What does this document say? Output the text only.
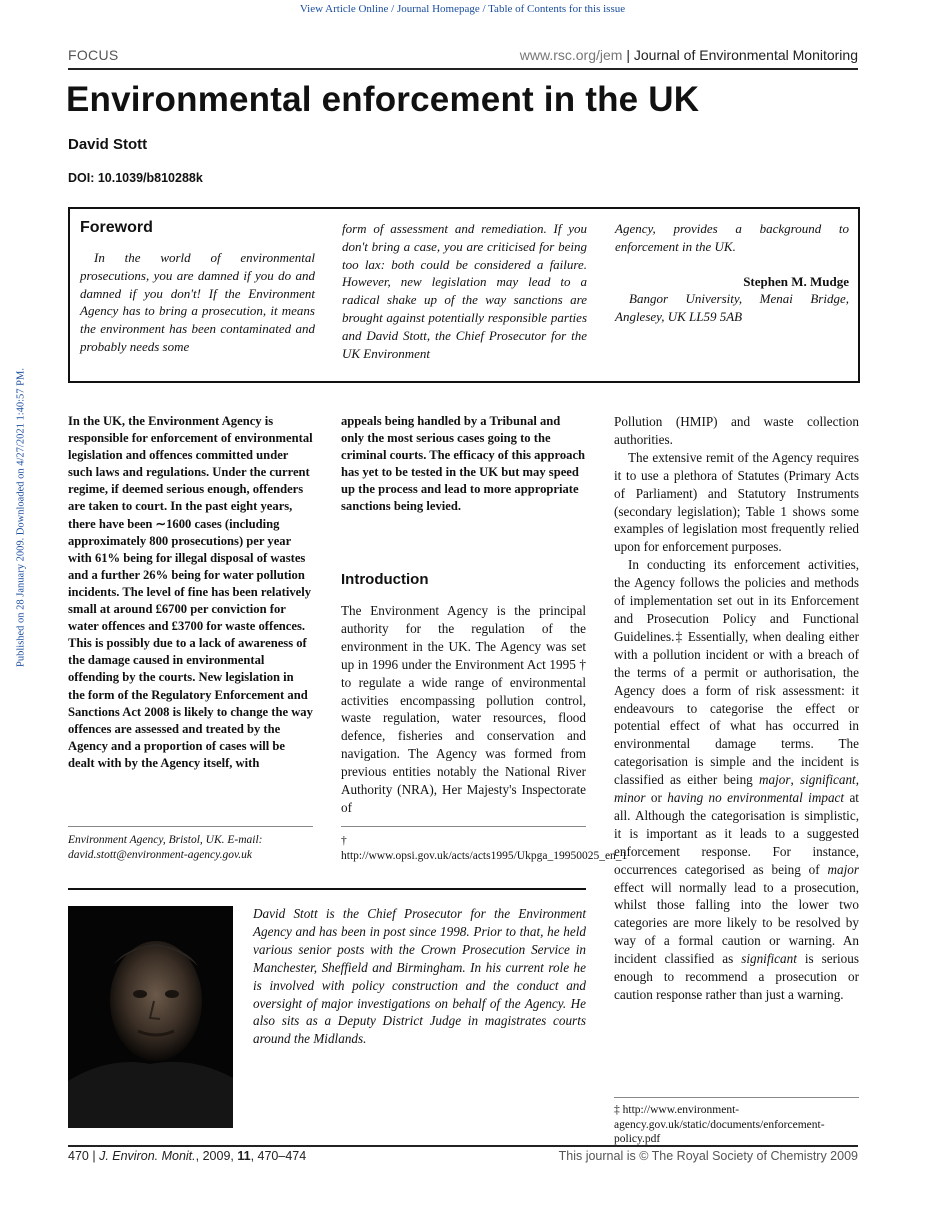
View Article Online / Journal Homepage / Table of Contents for this issue
FOCUS	www.rsc.org/jem | Journal of Environmental Monitoring
Environmental enforcement in the UK
David Stott
DOI: 10.1039/b810288k
Published on 28 January 2009. Downloaded on 4/27/2021 1:40:57 PM.
Foreword
In the world of environmental prosecutions, you are damned if you do and damned if you don't! If the Environment Agency has to bring a prosecution, it means the environment has been contaminated and probably needs some
form of assessment and remediation. If you don't bring a case, you are criticised for being too lax: both could be considered a failure. However, new legislation may lead to a radical shake up of the way sanctions are brought against potentially responsible parties and David Stott, the Chief Prosecutor for the UK Environment
Agency, provides a background to enforcement in the UK.
Stephen M. Mudge
Bangor University, Menai Bridge, Anglesey, UK LL59 5AB
In the UK, the Environment Agency is responsible for enforcement of environmental legislation and offences committed under such laws and regulations. Under the current regime, if deemed serious enough, offenders are taken to court. In the past eight years, there have been ∼1600 cases (including approximately 800 prosecutions) per year with 61% being for illegal disposal of wastes and a further 26% being for water pollution incidents. The level of fine has been relatively small at around £6700 per conviction for water offences and £3700 for waste offences. This is possibly due to a lack of awareness of the damage caused in environmental offending by the courts. New legislation in the form of the Regulatory Enforcement and Sanctions Act 2008 is likely to change the way offences are assessed and treated by the Agency and a proportion of cases will be dealt with by the Agency itself, with
appeals being handled by a Tribunal and only the most serious cases going to the criminal courts. The efficacy of this approach has yet to be tested in the UK but may speed up the process and lead to more appropriate sanctions being levied.
Introduction
The Environment Agency is the principal authority for the regulation of the environment in the UK. The Agency was set up in 1996 under the Environment Act 1995 † to regulate a wide range of environmental activities encompassing pollution control, waste regulation, water resources, flood defence, fisheries and conservation and navigation. The Agency was formed from previous entities notably the National River Authority (NRA), Her Majesty's Inspectorate of

Pollution (HMIP) and waste collection authorities.

The extensive remit of the Agency requires it to use a plethora of Statutes (Primary Acts of Parliament) and Statutory Instruments (secondary legislation); Table 1 shows some examples of legislation most frequently relied upon for enforcement purposes.

In conducting its enforcement activities, the Agency follows the policies and methods of implementation set out in its Enforcement and Prosecution Policy and Functional Guidelines.‡ Essentially, when dealing either with a pollution incident or with a breach of the terms of a permit or authorisation, the Agency does a form of risk assessment: it endeavours to categorise the effect or potential effect of what has occurred in environmental damage terms. The categorisation is simple and the incident is classified as either being major, significant, minor or having no environmental impact at all. Although the categorisation is simplistic, it is important as it leads to a suggested enforcement response. For instance, occurrences categorised as being of major effect will normally lead to a prosecution, whilst those falling into the lower two categories are more likely to be resolved by way of a formal caution or warning. An incident classified as significant is serious enough to recommend a prosecution or caution response rather than just a warning.

Environment Agency, Bristol, UK. E-mail: david.stott@environment-agency.gov.uk
† http://www.opsi.gov.uk/acts/acts1995/Ukpga_19950025_en_1
‡ http://www.environment-agency.gov.uk/static/documents/enforcement- policy.pdf
David Stott is the Chief Prosecutor for the Environment Agency and has been in post since 1998. Prior to that, he held various senior posts with the Crown Prosecution Service in Manchester, Sheffield and Birmingham. In his current role he is involved with policy construction and the conduct and oversight of major investigations on behalf of the Agency. He also sits as a Deputy District Judge in magistrates courts around the Midlands.
470 | J. Environ. Monit., 2009, 11, 470–474	This journal is © The Royal Society of Chemistry 2009
